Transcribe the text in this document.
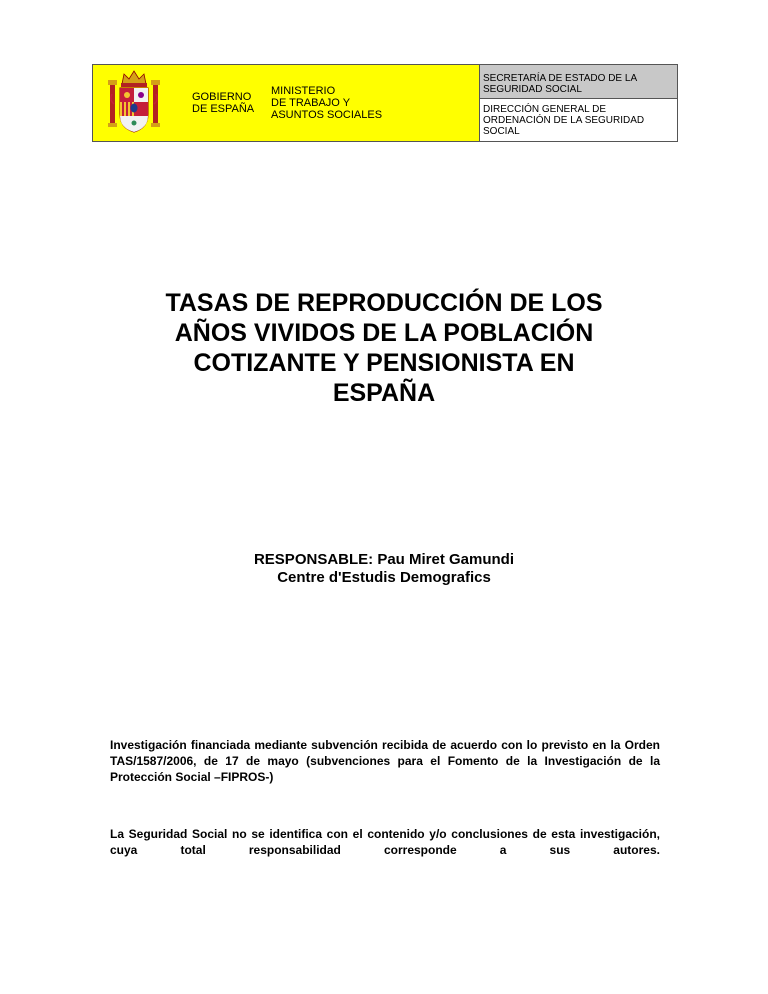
GOBIERNO
DE ESPAÑA
MINISTERIO
DE TRABAJO Y
ASUNTOS SOCIALES
SECRETARÍA DE ESTADO DE LA
SEGURIDAD SOCIAL
DIRECCIÓN GENERAL DE
ORDENACIÓN DE LA SEGURIDAD
SOCIAL
TASAS DE REPRODUCCIÓN DE LOS
AÑOS VIVIDOS DE LA POBLACIÓN
COTIZANTE Y PENSIONISTA EN
ESPAÑA
RESPONSABLE: Pau Miret Gamundi
Centre d'Estudis Demografics

Investigación financiada mediante subvención recibida de acuerdo con lo previsto en la Orden TAS/1587/2006, de 17 de mayo (subvenciones para el Fomento de la Investigación de la Protección Social –FIPROS-)

La Seguridad Social no se identifica con el contenido y/o conclusiones de esta investigación, cuya total responsabilidad corresponde a sus autores.
